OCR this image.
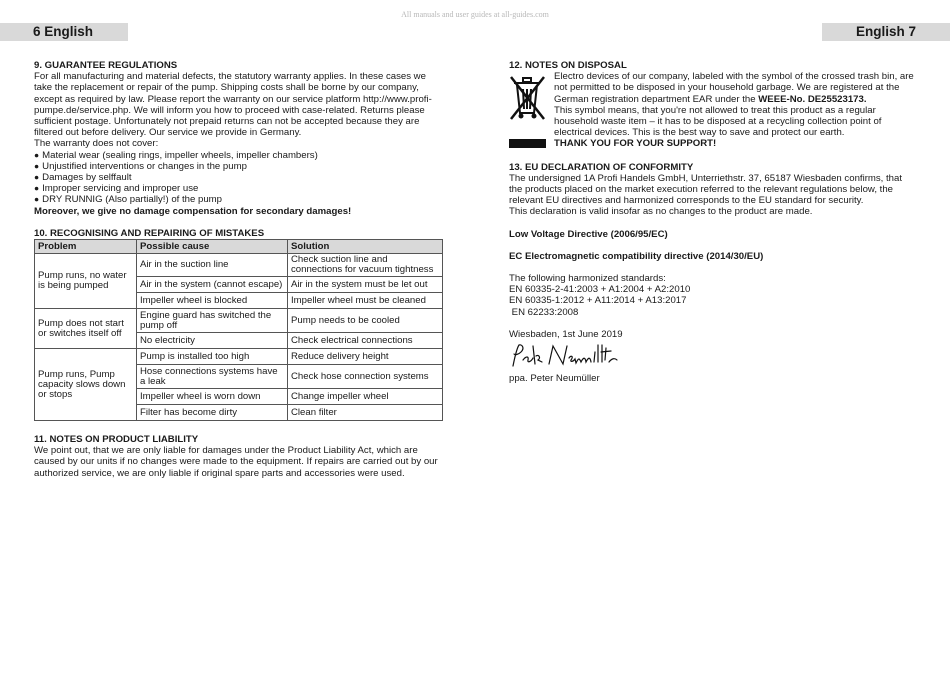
All manuals and user guides at all-guides.com
6 English	English 7
9. GUARANTEE REGULATIONS

For all manufacturing and material defects, the statutory warranty applies. In these cases we take the replacement or repair of the pump. Shipping costs shall be borne by our company, except as required by law. Please report the warranty on our service platform http://www.profi-pumpe.de/service.php. We will inform you how to proceed with case-related. Returns please sufficient postage. Unfortunately not prepaid returns can not be accepted because they are filtered out before delivery. Our service we provide in Germany.

The warranty does not cover:

● Material wear (sealing rings, impeller wheels, impeller chambers)
● Unjustified interventions or changes in the pump
● Damages by selffault
● Improper servicing and improper use
● DRY RUNNIG (Also partially!) of the pump

Moreover, we give no damage compensation for secondary damages!

10. RECOGNISING AND REPAIRING OF MISTAKES
Problem	Possible cause	Solution
Pump runs, no water is being pumped	Air in the suction line	Check suction line and connections for vacuum tightness
	Air in the system (cannot escape)	Air in the system must be let out
	Impeller wheel is blocked	Impeller wheel must be cleaned
Pump does not start or switches itself off	Engine guard has switched the pump off	Pump needs to be cooled
	No electricity	Check electrical connections
Pump runs, Pump capacity slows down or stops	Pump is installed too high	Reduce delivery height
	Hose connections systems have a leak	Check hose connection systems
	Impeller wheel is worn down	Change impeller wheel
	Filter has become dirty	Clean filter
11. NOTES ON PRODUCT LIABILITY

We point out, that we are only liable for damages under the Product Liability Act, which are caused by our units if no changes were made to the equipment. If repairs are carried out by our authorized service, we are only liable if original spare parts and accessories were used.

12. NOTES ON DISPOSAL

Electro devices of our company, labeled with the symbol of the crossed trash bin, are not permitted to be disposed in your household garbage. We are registered at the German registration department EAR under the WEEE-No. DE25523173.

This symbol means, that you're not allowed to treat this product as a regular household waste item – it has to be disposed at a recycling collection point of electrical devices. This is the best way to save and protect our earth.

THANK YOU FOR YOUR SUPPORT!

13. EU DECLARATION OF CONFORMITY

The undersigned 1A Profi Handels GmbH, Unterriethstr. 37, 65187 Wiesbaden confirms, that the products placed on the market execution referred to the relevant regulations below, the relevant EU directives and harmonized corresponds to the EU standard for security.

This declaration is valid insofar as no changes to the product are made.

Low Voltage Directive (2006/95/EC)

EC Electromagnetic compatibility directive (2014/30/EU)

The following harmonized standards:

EN 60335-2-41:2003 + A1:2004 + A2:2010

EN 60335-1:2012 + A11:2014 + A13:2017

EN 62233:2008

Wiesbaden, 1st June 2019

ppa. Peter Neumüller
